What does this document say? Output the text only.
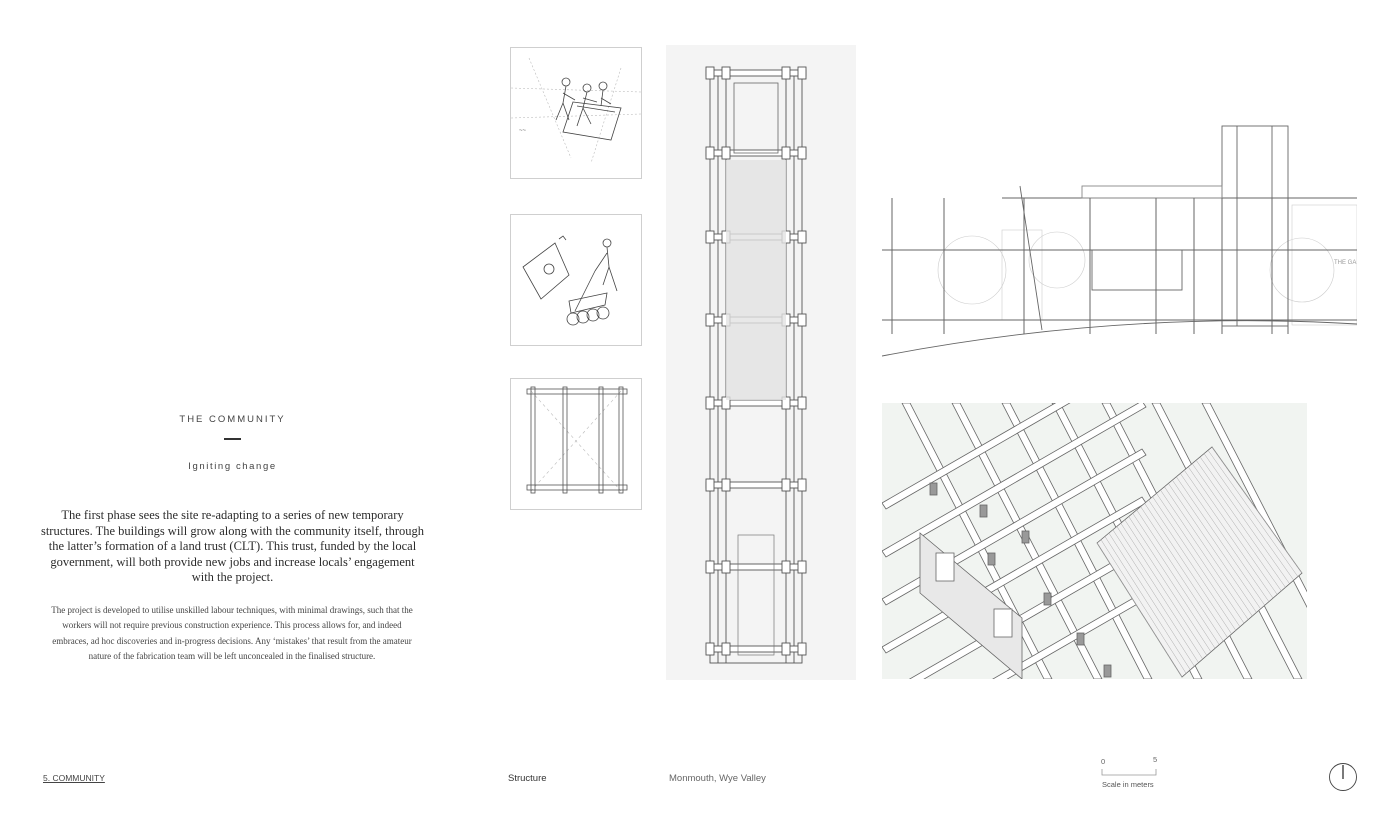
THE COMMUNITY
Igniting change
The first phase sees the site re-adapting to a series of new temporary structures. The buildings will grow along with the community itself, through the latter’s formation of a land trust (CLT). This trust, funded by the local government, will both provide new jobs and increase locals’ engagement with the project.
The project is developed to utilise unskilled labour techniques, with minimal drawings, such that the workers will not require previous construction experience. This process allows for, and indeed embraces, ad hoc discoveries and in-progress decisions. Any ‘mistakes’ that result from the amateur nature of the fabrication team will be left unconcealed in the finalised structure.
~~
THE GA
5. COMMUNITY	Structure	Monmouth, Wye Valley
0	5
Scale in meters
